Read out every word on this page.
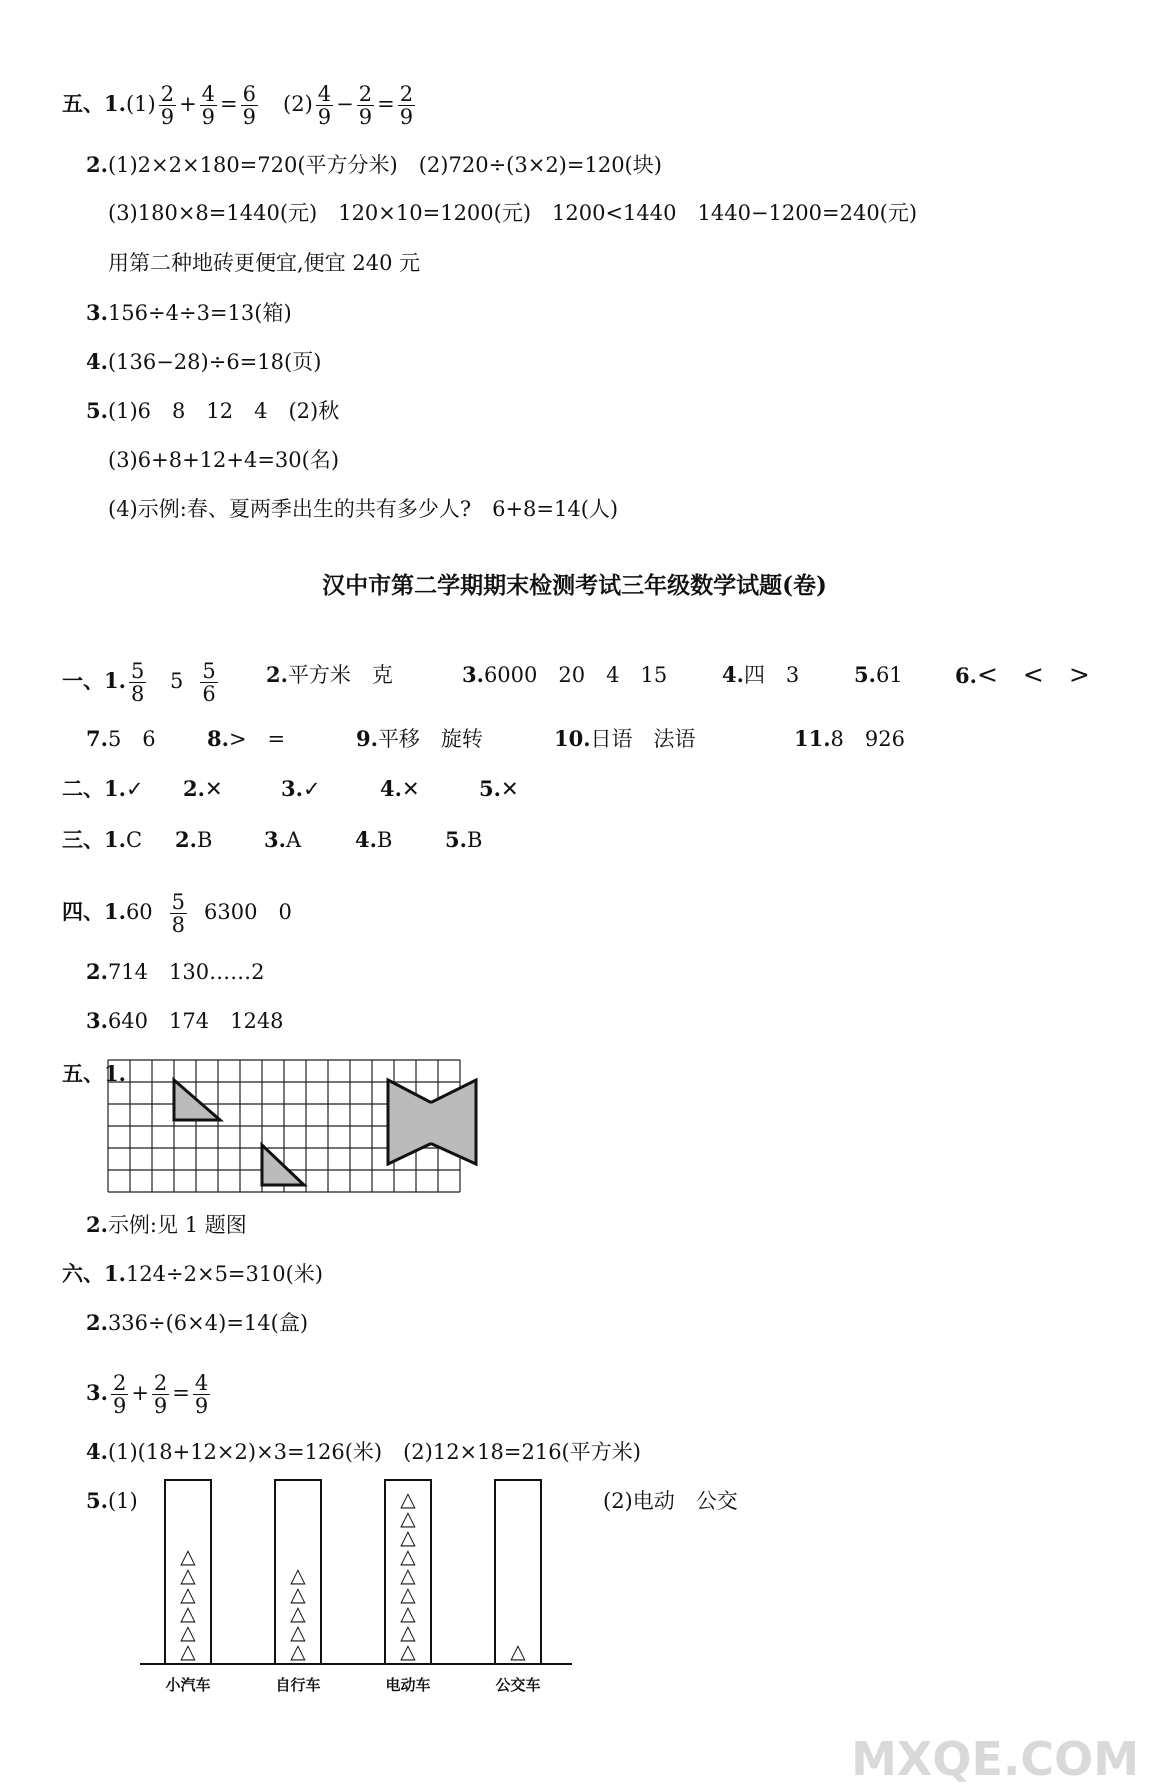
五、$1.(1) \frac{2}{9} + \frac{4}{9} = \frac{6}{9} (2) \frac{4}{9} - \frac{2}{9} = \frac{2}{9}$
2.(1)2×2×180=720(平方分米)　(2)720÷(3×2)=120(块)
(3)180×8=1440(元)　120×10=1200(元)　1200<1440　1440−1200=240(元)
用第二种地砖更便宜,便宜 240 元
3.156÷4÷3=13(箱)
4.(136−28)÷6=18(页)
5.(1)6　8　12　4　(2)秋
(3)6+8+12+4=30(名)
(4)示例:春、夏两季出生的共有多少人?　6+8=14(人)
汉中市第二学期期末检测考试三年级数学试题(卷)
一、1. $\frac{5}{8} 5 \frac{5}{6} 2$.平方米　克	3.6000　20　4　15	4.四　3	5.61 6.<　<　>
7.5　6 8.>　=	9.平移　旋转	10.日语　法语	11.8　926
二、1.✓ 2.✕	3.✓	4.✕	5.✕
三、1.C 2.B 3.A	4.B	5.B
四、$1.60 \frac{5}{8} 6300$　0
2.714　130……2
3.640　174　1248
五、1.
2.示例:见 1 题图
六、1.124÷2×5=310(米)
2.336÷(6×4)=14(盒)
3. $\frac{2}{9} + \frac{2}{9} = \frac{4}{9}$
4.(1)(18+12×2)×3=126(米)　(2)12×18=216(平方米)
5.(1)	(2)电动　公交
△
△
△
△
△
△
小汽车
△
△
△
△
△
自行车
△
△
△
△
△
△
△
△
△
电动车
△
公交车
MXQE.COM
